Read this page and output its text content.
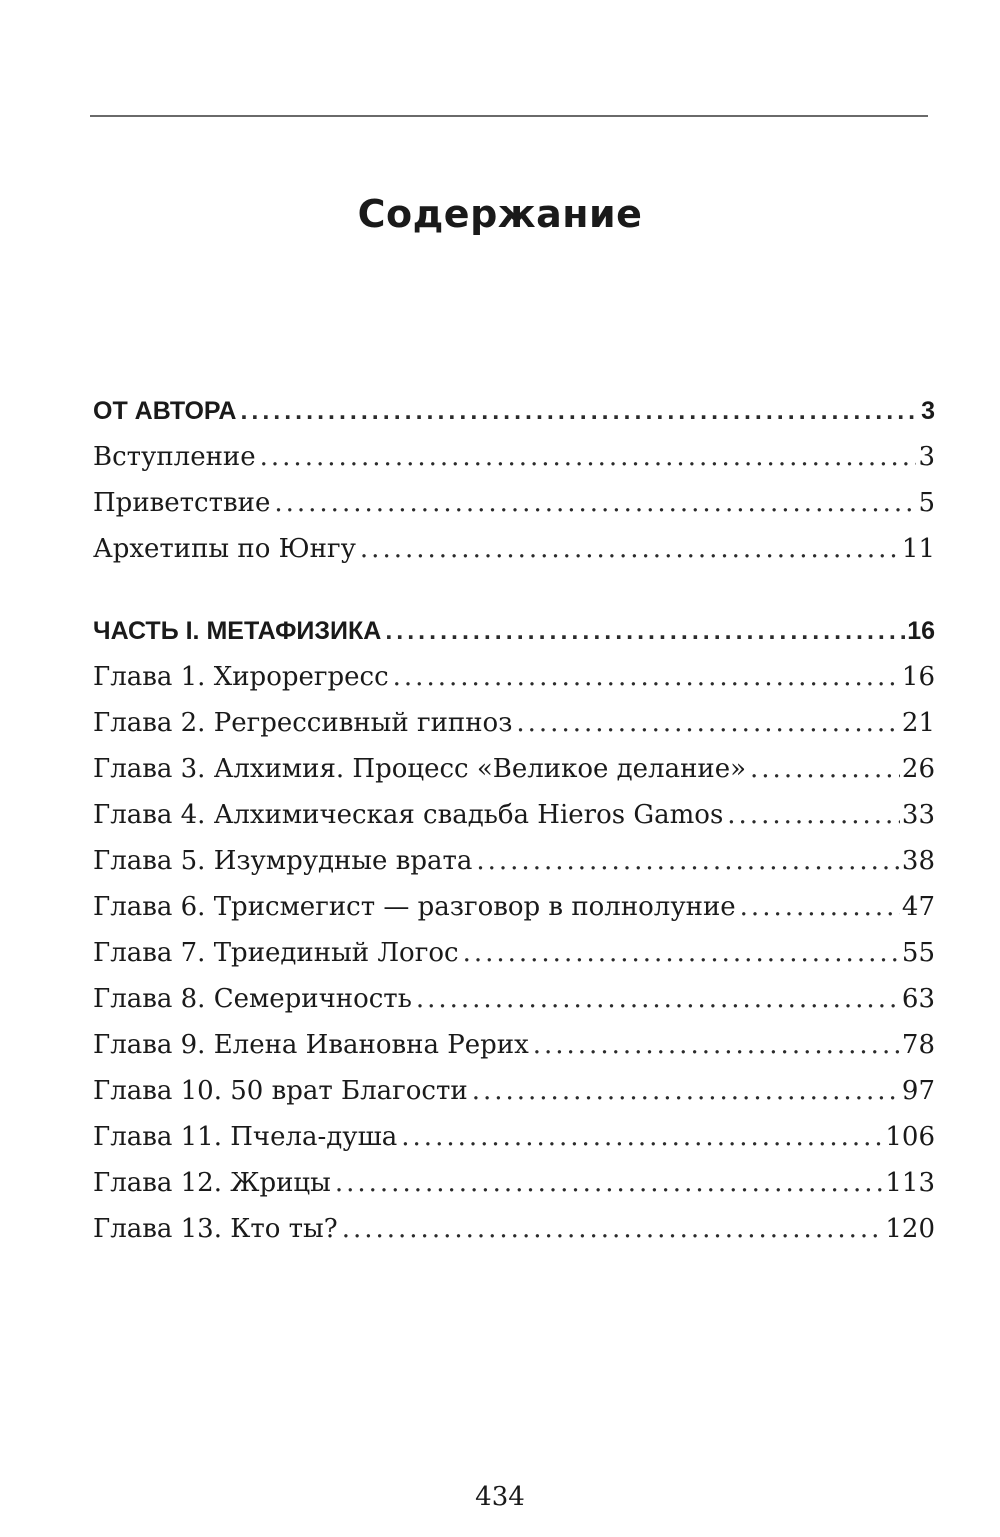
Содержание
ОТ АВТОРА .....	3
Вступление .....	3
Приветствие .....	5
Архетипы по Юнгу .....	11
ЧАСТЬ I. МЕТАФИЗИКА .....	16
Глава 1. Хирорегресс .....	16
Глава 2. Регрессивный гипноз .....	21
Глава 3. Алхимия. Процесс «Великое делание» .....	26
Глава 4. Алхимическая свадьба Hieros Gamos .....	33
Глава 5. Изумрудные врата .....	38
Глава 6. Трисмегист — разговор в полнолуние .....	47
Глава 7. Триединый Логос .....	55
Глава 8. Семеричность .....	63
Глава 9. Елена Ивановна Рерих .....	78
Глава 10. 50 врат Благости .....	97
Глава 11. Пчела-душа .....	106
Глава 12. Жрицы .....	113
Глава 13. Кто ты? .....	120
434
